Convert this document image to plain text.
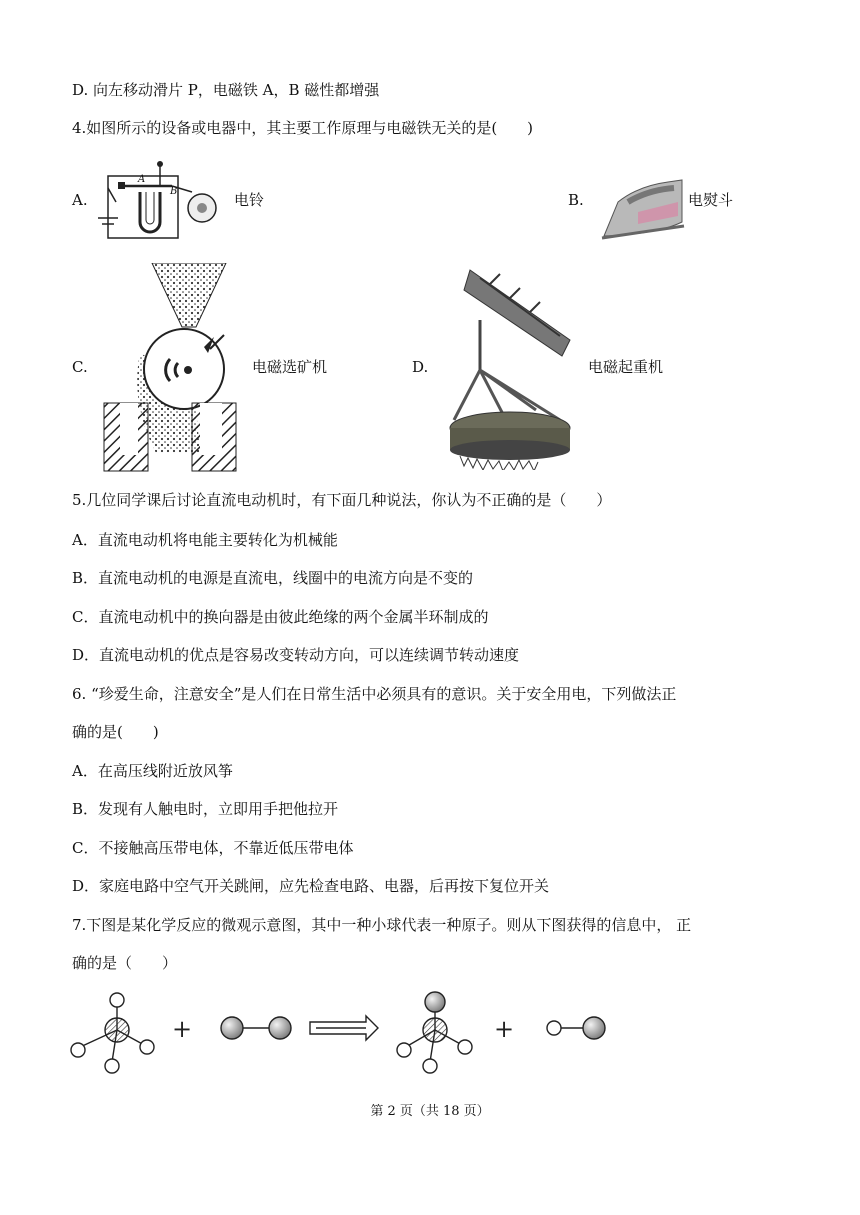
D. 向左移动滑片 P，电磁铁 A，B 磁性都增强
4.如图所示的设备或电器中，其主要工作原理与电磁铁无关的是(　　)
A.
A
B	电铃	B.	电熨斗
C.	电磁选矿机	D.	电磁起重机
5.几位同学课后讨论直流电动机时，有下面几种说法，你认为不正确的是（　　）
A．直流电动机将电能主要转化为机械能
B．直流电动机的电源是直流电，线圈中的电流方向是不变的
C．直流电动机中的换向器是由彼此绝缘的两个金属半环制成的
D．直流电动机的优点是容易改变转动方向，可以连续调节转动速度
6. “珍爱生命，注意安全”是人们在日常生活中必须具有的意识。关于安全用电，下列做法正
确的是(　　)
A．在高压线附近放风筝
B．发现有人触电时，立即用手把他拉开
C．不接触高压带电体，不靠近低压带电体
D．家庭电路中空气开关跳闸，应先检查电路、电器，后再按下复位开关
7.下图是某化学反应的微观示意图，其中一种小球代表一种原子。则从下图获得的信息中， 正
确的是（　　）
+	+
第 2 页（共 18 页）
